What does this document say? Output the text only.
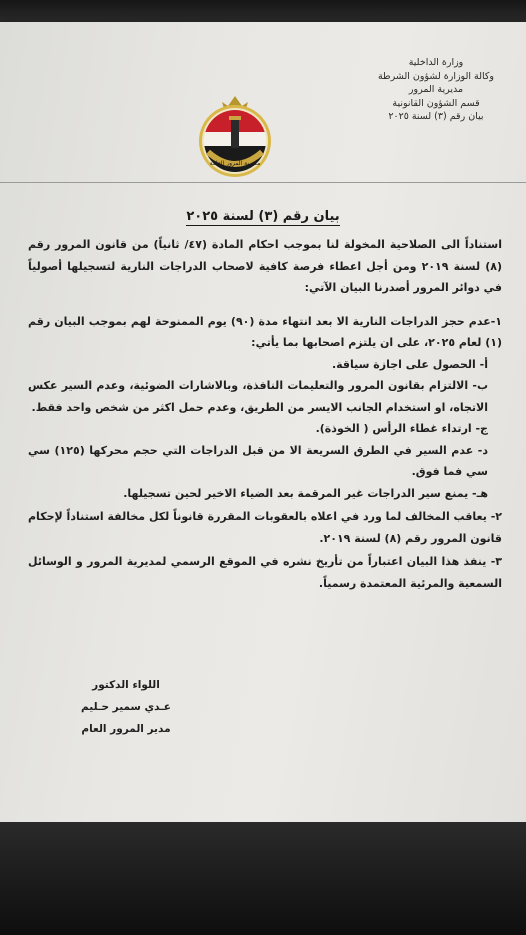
وزارة الداخلية
وكالة الوزارة لشؤون الشرطة
مديرية المرور
قسم الشؤون القانونية
بيان رقم (٣) لسنة ٢٠٢٥
مديرية المرور العامة
بيان رقم (٣) لسنة ٢٠٢٥

استناداً الى الصلاحية المخولة لنا بموجب احكام المادة (٤٧/ ثانياً) من قانون المرور رقم (٨) لسنة ٢٠١٩ ومن أجل اعطاء فرصة كافية لاصحاب الدراجات النارية لتسجيلها أصولياً في دوائر المرور أصدرنا البيان الآتي:

١-عدم حجز الدراجات النارية الا بعد انتهاء مدة (٩٠) يوم الممنوحة لهم بموجب البيان رقم (١) لعام ٢٠٢٥، على ان يلتزم اصحابها بما يأتي:

أ- الحصول على اجازة سياقة.
ب- الالتزام بقانون المرور والتعليمات النافذة، وبالاشارات الضوئية، وعدم السير عكس الاتجاه، او استخدام الجانب الايسر من الطريق، وعدم حمل اكثر من شخص واحد فقط.
ج- ارتداء غطاء الرأس ( الخوذة).
د- عدم السير في الطرق السريعة الا من قبل الدراجات التي حجم محركها (١٢٥) سي سي فما فوق.
هـ- يمنع سير الدراجات غير المرقمة بعد الضياء الاخير لحين تسجيلها.

٢- يعاقب المخالف لما ورد في اعلاه بالعقوبات المقررة قانوناً لكل مخالفة استناداً لإحكام قانون المرور رقم (٨) لسنة ٢٠١٩.

٣- ينفذ هذا البيان اعتباراً من تأريخ نشره في الموقع الرسمي لمديرية المرور و الوسائل السمعية والمرئية المعتمدة رسمياً.

اللواء الدكتور
عـدي سمير حـليم
مدير المرور العام
